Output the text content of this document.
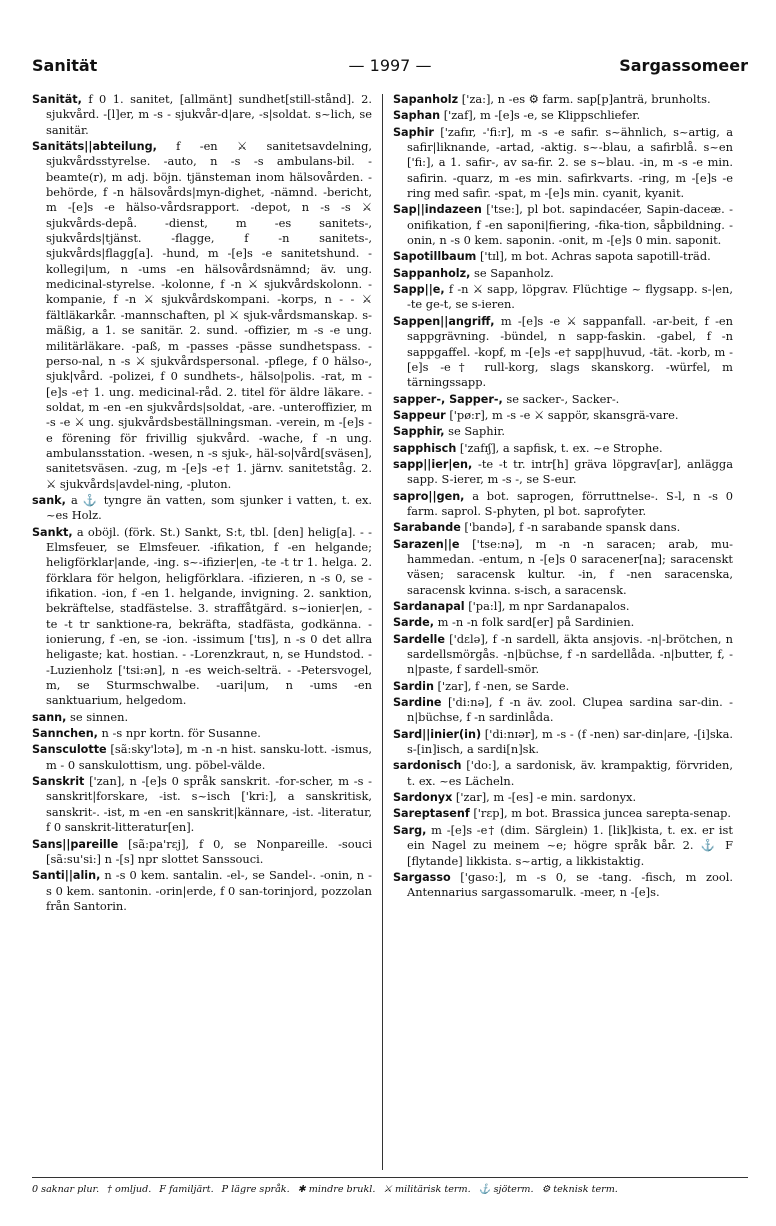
Sanität	— 1997 —	Sargassomeer

Sanität, f 0 1. sanitet, [allmänt] sundhet[still-stånd]. 2. sjukvård. -[l]er, m -s - sjukvår-d|are, -s|soldat. s~lich, se sanitär.

Sanitäts||abteilung, f -en ⚔ sanitetsavdelning, sjukvårdsstyrelse. -auto, n -s -s ambulans-bil. -beamte(r), m adj. böjn. tjänsteman inom hälsovården. -behörde, f -n hälsovårds|myn-dighet, -nämnd. -bericht, m -[e]s -e hälso-vårdsrapport. -depot, n -s -s ⚔ sjukvårds-depå. -dienst, m -es sanitets-, sjukvårds|tjänst. -flagge, f -n sanitets-, sjukvårds|flagg[a]. -hund, m -[e]s -e sanitetshund. -kollegi|um, n -ums -en hälsovårdsnämnd; äv. ung. medicinal-styrelse. -kolonne, f -n ⚔ sjukvårdskolonn. -kompanie, f -n ⚔ sjukvårdskompani. -korps, n - - ⚔ fältläkarkår. -mannschaften, pl ⚔ sjuk-vårdsmanskap. s-mäßig, a 1. se sanitär. 2. sund. -offizier, m -s -e ung. militärläkare. -paß, m -passes -pässe sundhetspass. -perso-nal, n -s ⚔ sjukvårdspersonal. -pflege, f 0 hälso-, sjuk|vård. -polizei, f 0 sundhets-, hälso|polis. -rat, m -[e]s -e† 1. ung. medicinal-råd. 2. titel för äldre läkare. -soldat, m -en -en sjukvårds|soldat, -are. -unteroffizier, m -s -e ⚔ ung. sjukvårdsbeställningsman. -verein, m -[e]s -e förening för frivillig sjukvård. -wache, f -n ung. ambulansstation. -wesen, n -s sjuk-, häl-so|vård[sväsen], sanitetsväsen. -zug, m -[e]s -e† 1. järnv. sanitetståg. 2. ⚔ sjukvårds|avdel-ning, -pluton.

sank, a ⚓ tyngre än vatten, som sjunker i vatten, t. ex. ~es Holz.

Sankt, a oböjl. (förk. St.) Sankt, S:t, tbl. [den] helig[a]. - -Elmsfeuer, se Elmsfeuer. -ifikation, f -en helgande; heligförklar|ande, -ing. s~-ifizier|en, -te -t tr 1. helga. 2. förklara för helgon, heligförklara. -ifizieren, n -s 0, se -ifikation. -ion, f -en 1. helgande, invigning. 2. sanktion, bekräftelse, stadfästelse. 3. straffåtgärd. s~ionier|en, -te -t tr sanktione-ra, bekräfta, stadfästa, godkänna. -ionierung, f -en, se -ion. -issimum ['tɪs], n -s 0 det allra heligaste; kat. hostian. - -Lorenzkraut, n, se Hundstod. - -Luzienholz ['tsi:ən], n -es weich-selträ. - -Petersvogel, m, se Sturmschwalbe. -uari|um, n -ums -en sanktuarium, helgedom.

sann, se sinnen.

Sannchen, n -s npr kortn. för Susanne.

Sansculotte [sã:sky'lɔtə], m -n -n hist. sansku-lott. -ismus, m - 0 sanskulottism, ung. pöbel-välde.

Sanskrit ['zan], n -[e]s 0 språk sanskrit. -for-scher, m -s - sanskrit|forskare, -ist. s~isch ['kri:], a sanskritisk, sanskrit-. -ist, m -en -en sanskrit|kännare, -ist. -literatur, f 0 sanskrit-litteratur[en].

Sans||pareille [sã:pa'rɛj], f 0, se Nonpareille. -souci [sã:su'si:] n -[s] npr slottet Sanssouci.

Santi||alin, n -s 0 kem. santalin. -el-, se Sandel-. -onin, n -s 0 kem. santonin. -orin|erde, f 0 san-torinjord, pozzolan från Santorin.

Sapanholz ['za:], n -es ⚙ farm. sap[p]anträ, brunholts.

Saphan ['zaf], m -[e]s -e, se Klippschliefer.

Saphir ['zafɪr, -'fi:r], m -s -e safir. s~ähnlich, s~artig, a safir|liknande, -artad, -aktig. s~-blau, a safirblå. s~en ['fi:], a 1. safir-, av sa-fir. 2. se s~blau. -in, m -s -e min. safirin. -quarz, m -es min. safirkvarts. -ring, m -[e]s -e ring med safir. -spat, m -[e]s min. cyanit, kyanit.

Sap||indazeen ['tse:], pl bot. sapindacéer, Sapin-daceæ. -onifikation, f -en saponi|fiering, -fika-tion, såpbildning. -onin, n -s 0 kem. saponin. -onit, m -[e]s 0 min. saponit.

Sapotillbaum ['tɪl], m bot. Achras sapota sapotill-träd.

Sappanholz, se Sapanholz.

Sapp||e, f -n ⚔ sapp, löpgrav. Flüchtige ~ flygsapp. s-|en, -te ge-t, se s-ieren.

Sappen||angriff, m -[e]s -e ⚔ sappanfall. -ar-beit, f -en sappgrävning. -bündel, n sapp-faskin. -gabel, f -n sappgaffel. -kopf, m -[e]s -e† sapp|huvud, -tät. -korb, m -[e]s -e† rull-korg, slags skanskorg. -würfel, m tärningssapp.

sapper-, Sapper-, se sacker-, Sacker-.

Sappeur ['pø:r], m -s -e ⚔ sappör, skansgrä-vare.

Sapphir, se Saphir.

sapphisch ['zafɪʃ], a sapfisk, t. ex. ~e Strophe.

sapp||ier|en, -te -t tr. intr[h] gräva löpgrav[ar], anlägga sapp. S-ierer, m -s -, se S-eur.

sapro||gen, a bot. saprogen, förruttnelse-. S-l, n -s 0 farm. saprol. S-phyten, pl bot. saprofyter.

Sarabande ['bandə], f -n sarabande spansk dans.

Sarazen||e ['tse:nə], m -n -n saracen; arab, mu-hammedan. -entum, n -[e]s 0 saracener[na]; saracenskt väsen; saracensk kultur. -in, f -nen saracenska, saracensk kvinna. s-isch, a saracensk.

Sardanapal ['pa:l], m npr Sardanapalos.

Sarde, m -n -n folk sard[er] på Sardinien.

Sardelle ['dɛlə], f -n sardell, äkta ansjovis. -n|-brötchen, n sardellsmörgås. -n|büchse, f -n sardellåda. -n|butter, f, -n|paste, f sardell-smör.

Sardin ['zar], f -nen, se Sarde.

Sardine ['di:nə], f -n äv. zool. Clupea sardina sar-din. -n|büchse, f -n sardinlåda.

Sard||inier(in) ['di:nɪər], m -s - (f -nen) sar-din|are, -[i]ska. s-[in]isch, a sardi[n]sk.

sardonisch ['do:], a sardonisk, äv. krampaktig, förvriden, t. ex. ~es Lächeln.

Sardonyx ['zar], m -[es] -e min. sardonyx.

Sareptasenf ['rɛp], m bot. Brassica juncea sarepta-senap.

Sarg, m -[e]s -e† (dim. Särglein) 1. [lik]kista, t. ex. er ist ein Nagel zu meinem ~e; högre språk bår. 2. ⚓ F [flytande] likkista. s~artig, a likkistaktig.

Sargasso ['gaso:], m -s 0, se -tang. -fisch, m zool. Antennarius sargassomarulk. -meer, n -[e]s.

0 saknar plur. † omljud. F familjärt. P lägre språk. ✱ mindre brukl. ⚔ militärisk term. ⚓ sjöterm. ⚙ teknisk term.
